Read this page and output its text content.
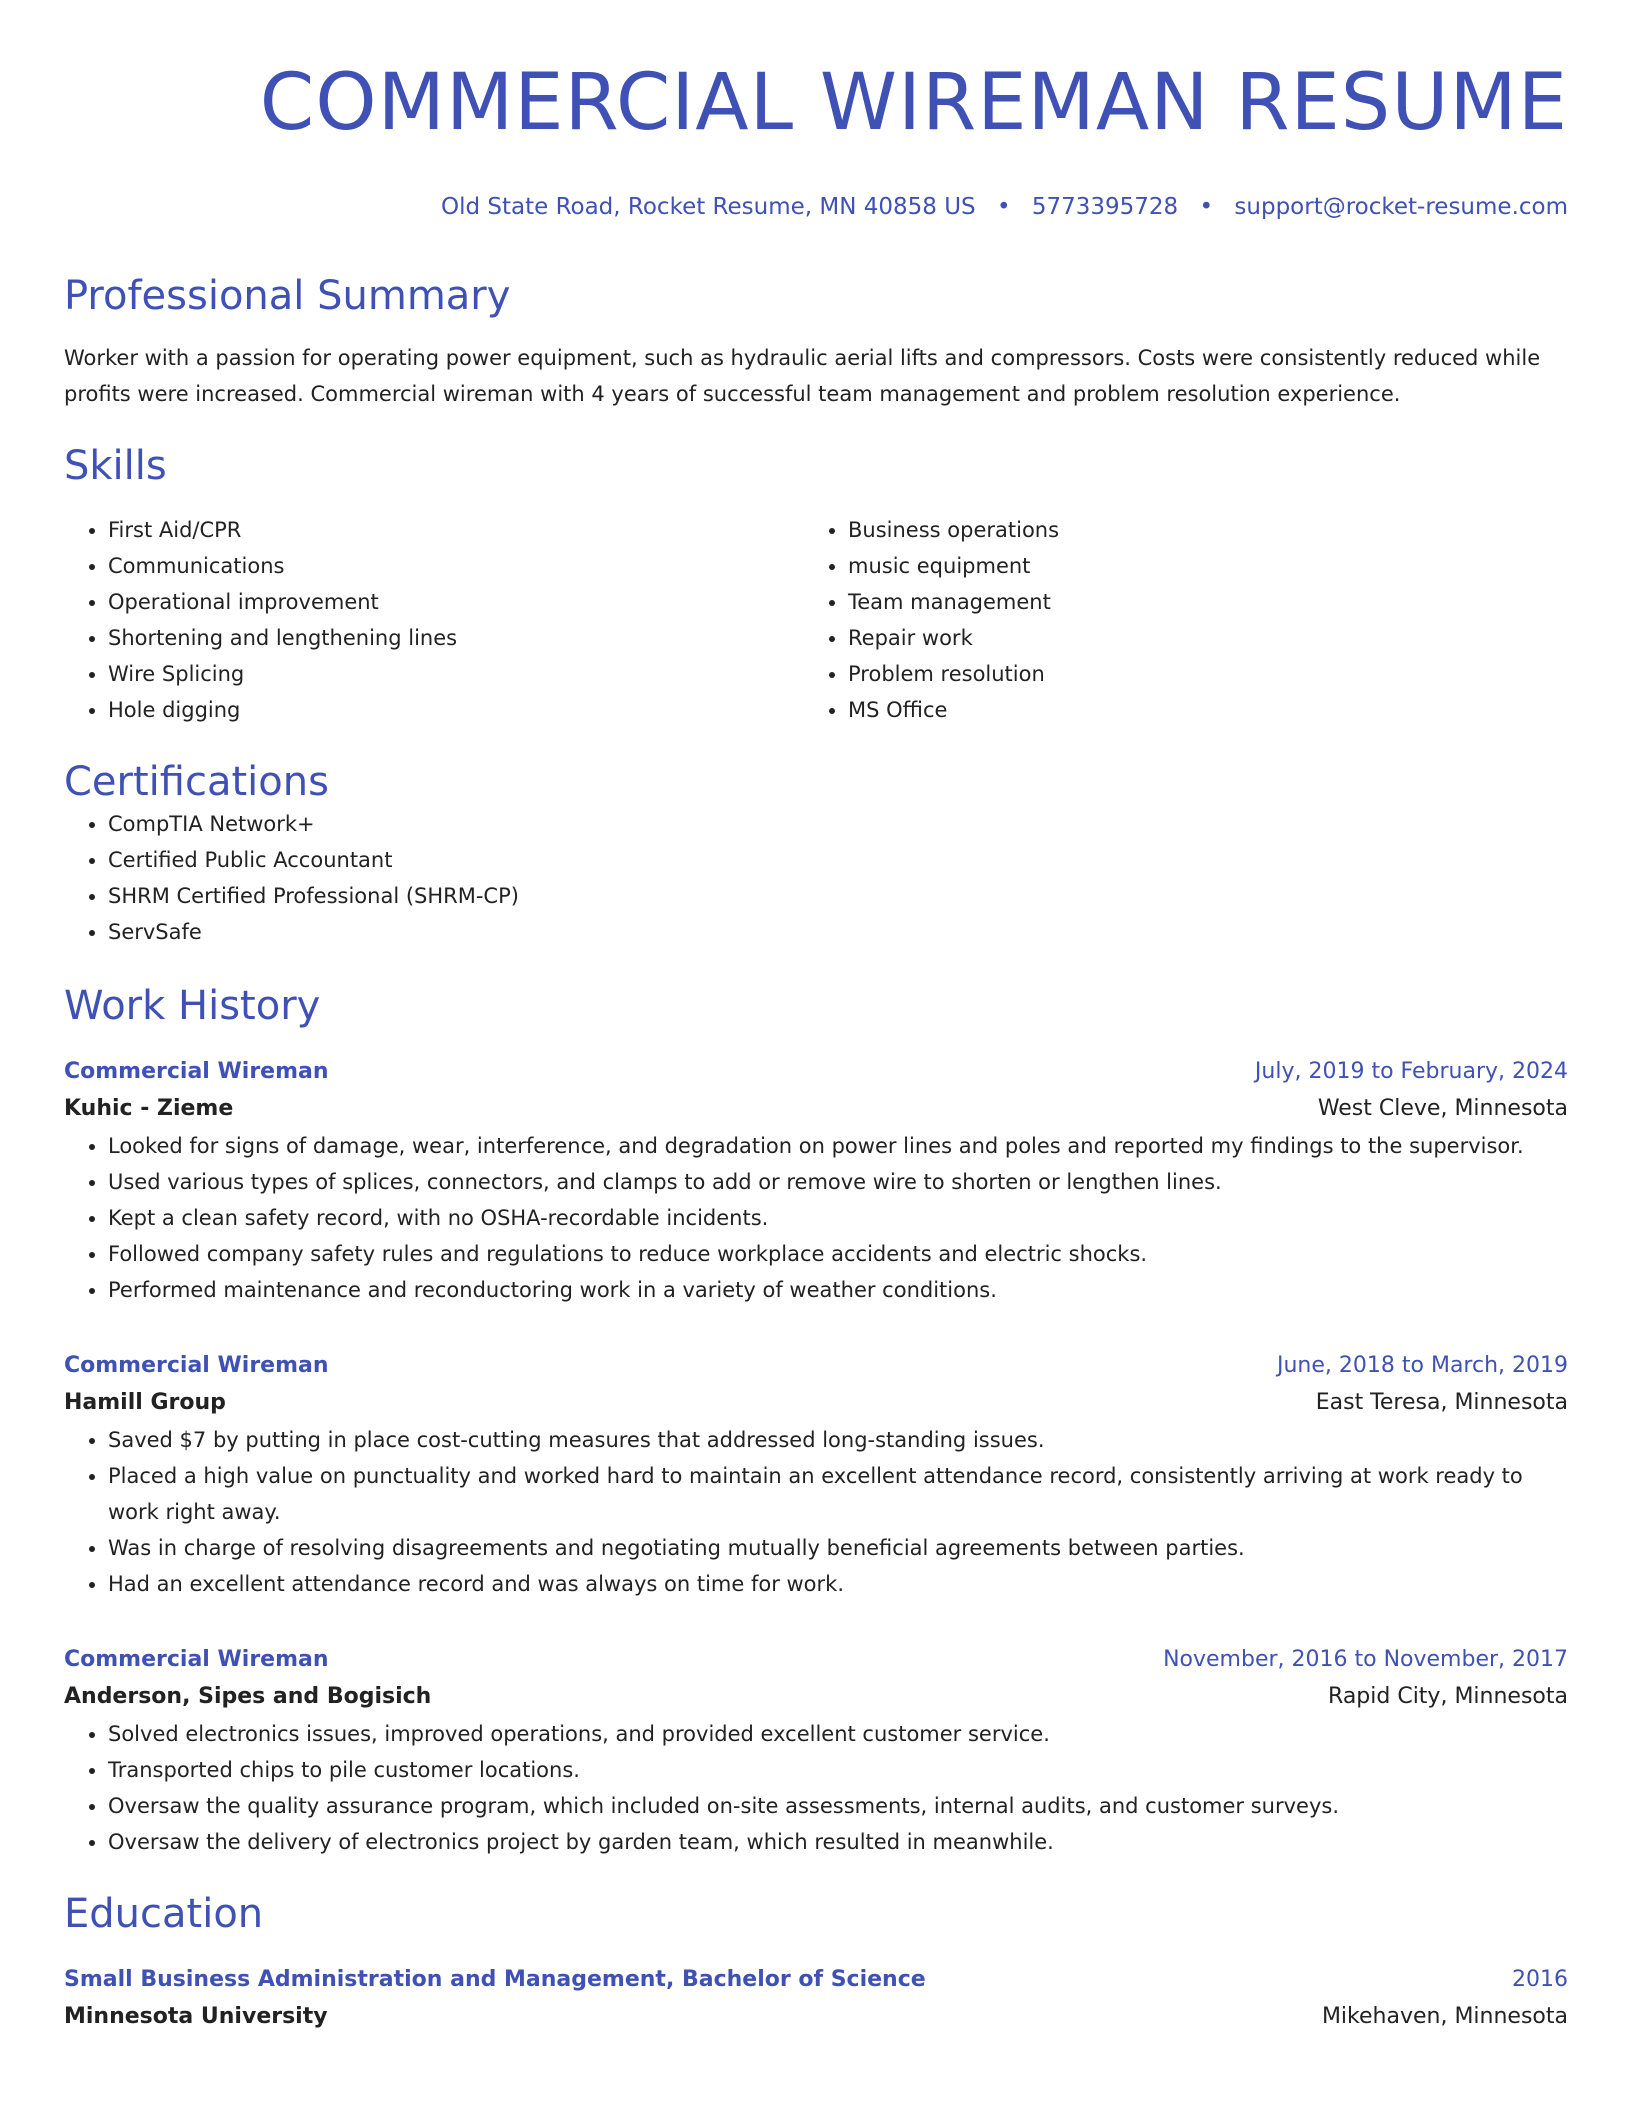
COMMERCIAL WIREMAN RESUME
Old State Road, Rocket Resume, MN 40858 US • 5773395728 • support@rocket-resume.com
Professional Summary
Worker with a passion for operating power equipment, such as hydraulic aerial lifts and compressors. Costs were consistently reduced while profits were increased. Commercial wireman with 4 years of successful team management and problem resolution experience.
Skills
• First Aid/CPR
• Communications
• Operational improvement
• Shortening and lengthening lines
• Wire Splicing
• Hole digging
• Business operations
• music equipment
• Team management
• Repair work
• Problem resolution
• MS Office
Certifications
• CompTIA Network+
• Certified Public Accountant
• SHRM Certified Professional (SHRM-CP)
• ServSafe
Work History
Commercial Wireman	July, 2019 to February, 2024
Kuhic - Zieme	West Cleve, Minnesota
• Looked for signs of damage, wear, interference, and degradation on power lines and poles and reported my findings to the supervisor.
• Used various types of splices, connectors, and clamps to add or remove wire to shorten or lengthen lines.
• Kept a clean safety record, with no OSHA-recordable incidents.
• Followed company safety rules and regulations to reduce workplace accidents and electric shocks.
• Performed maintenance and reconductoring work in a variety of weather conditions.
Commercial Wireman	June, 2018 to March, 2019
Hamill Group	East Teresa, Minnesota
• Saved $7 by putting in place cost-cutting measures that addressed long-standing issues.
• Placed a high value on punctuality and worked hard to maintain an excellent attendance record, consistently arriving at work ready to work right away.
• Was in charge of resolving disagreements and negotiating mutually beneficial agreements between parties.
• Had an excellent attendance record and was always on time for work.
Commercial Wireman	November, 2016 to November, 2017
Anderson, Sipes and Bogisich	Rapid City, Minnesota
• Solved electronics issues, improved operations, and provided excellent customer service.
• Transported chips to pile customer locations.
• Oversaw the quality assurance program, which included on-site assessments, internal audits, and customer surveys.
• Oversaw the delivery of electronics project by garden team, which resulted in meanwhile.
Education
Small Business Administration and Management, Bachelor of Science	2016
Minnesota University	Mikehaven, Minnesota
